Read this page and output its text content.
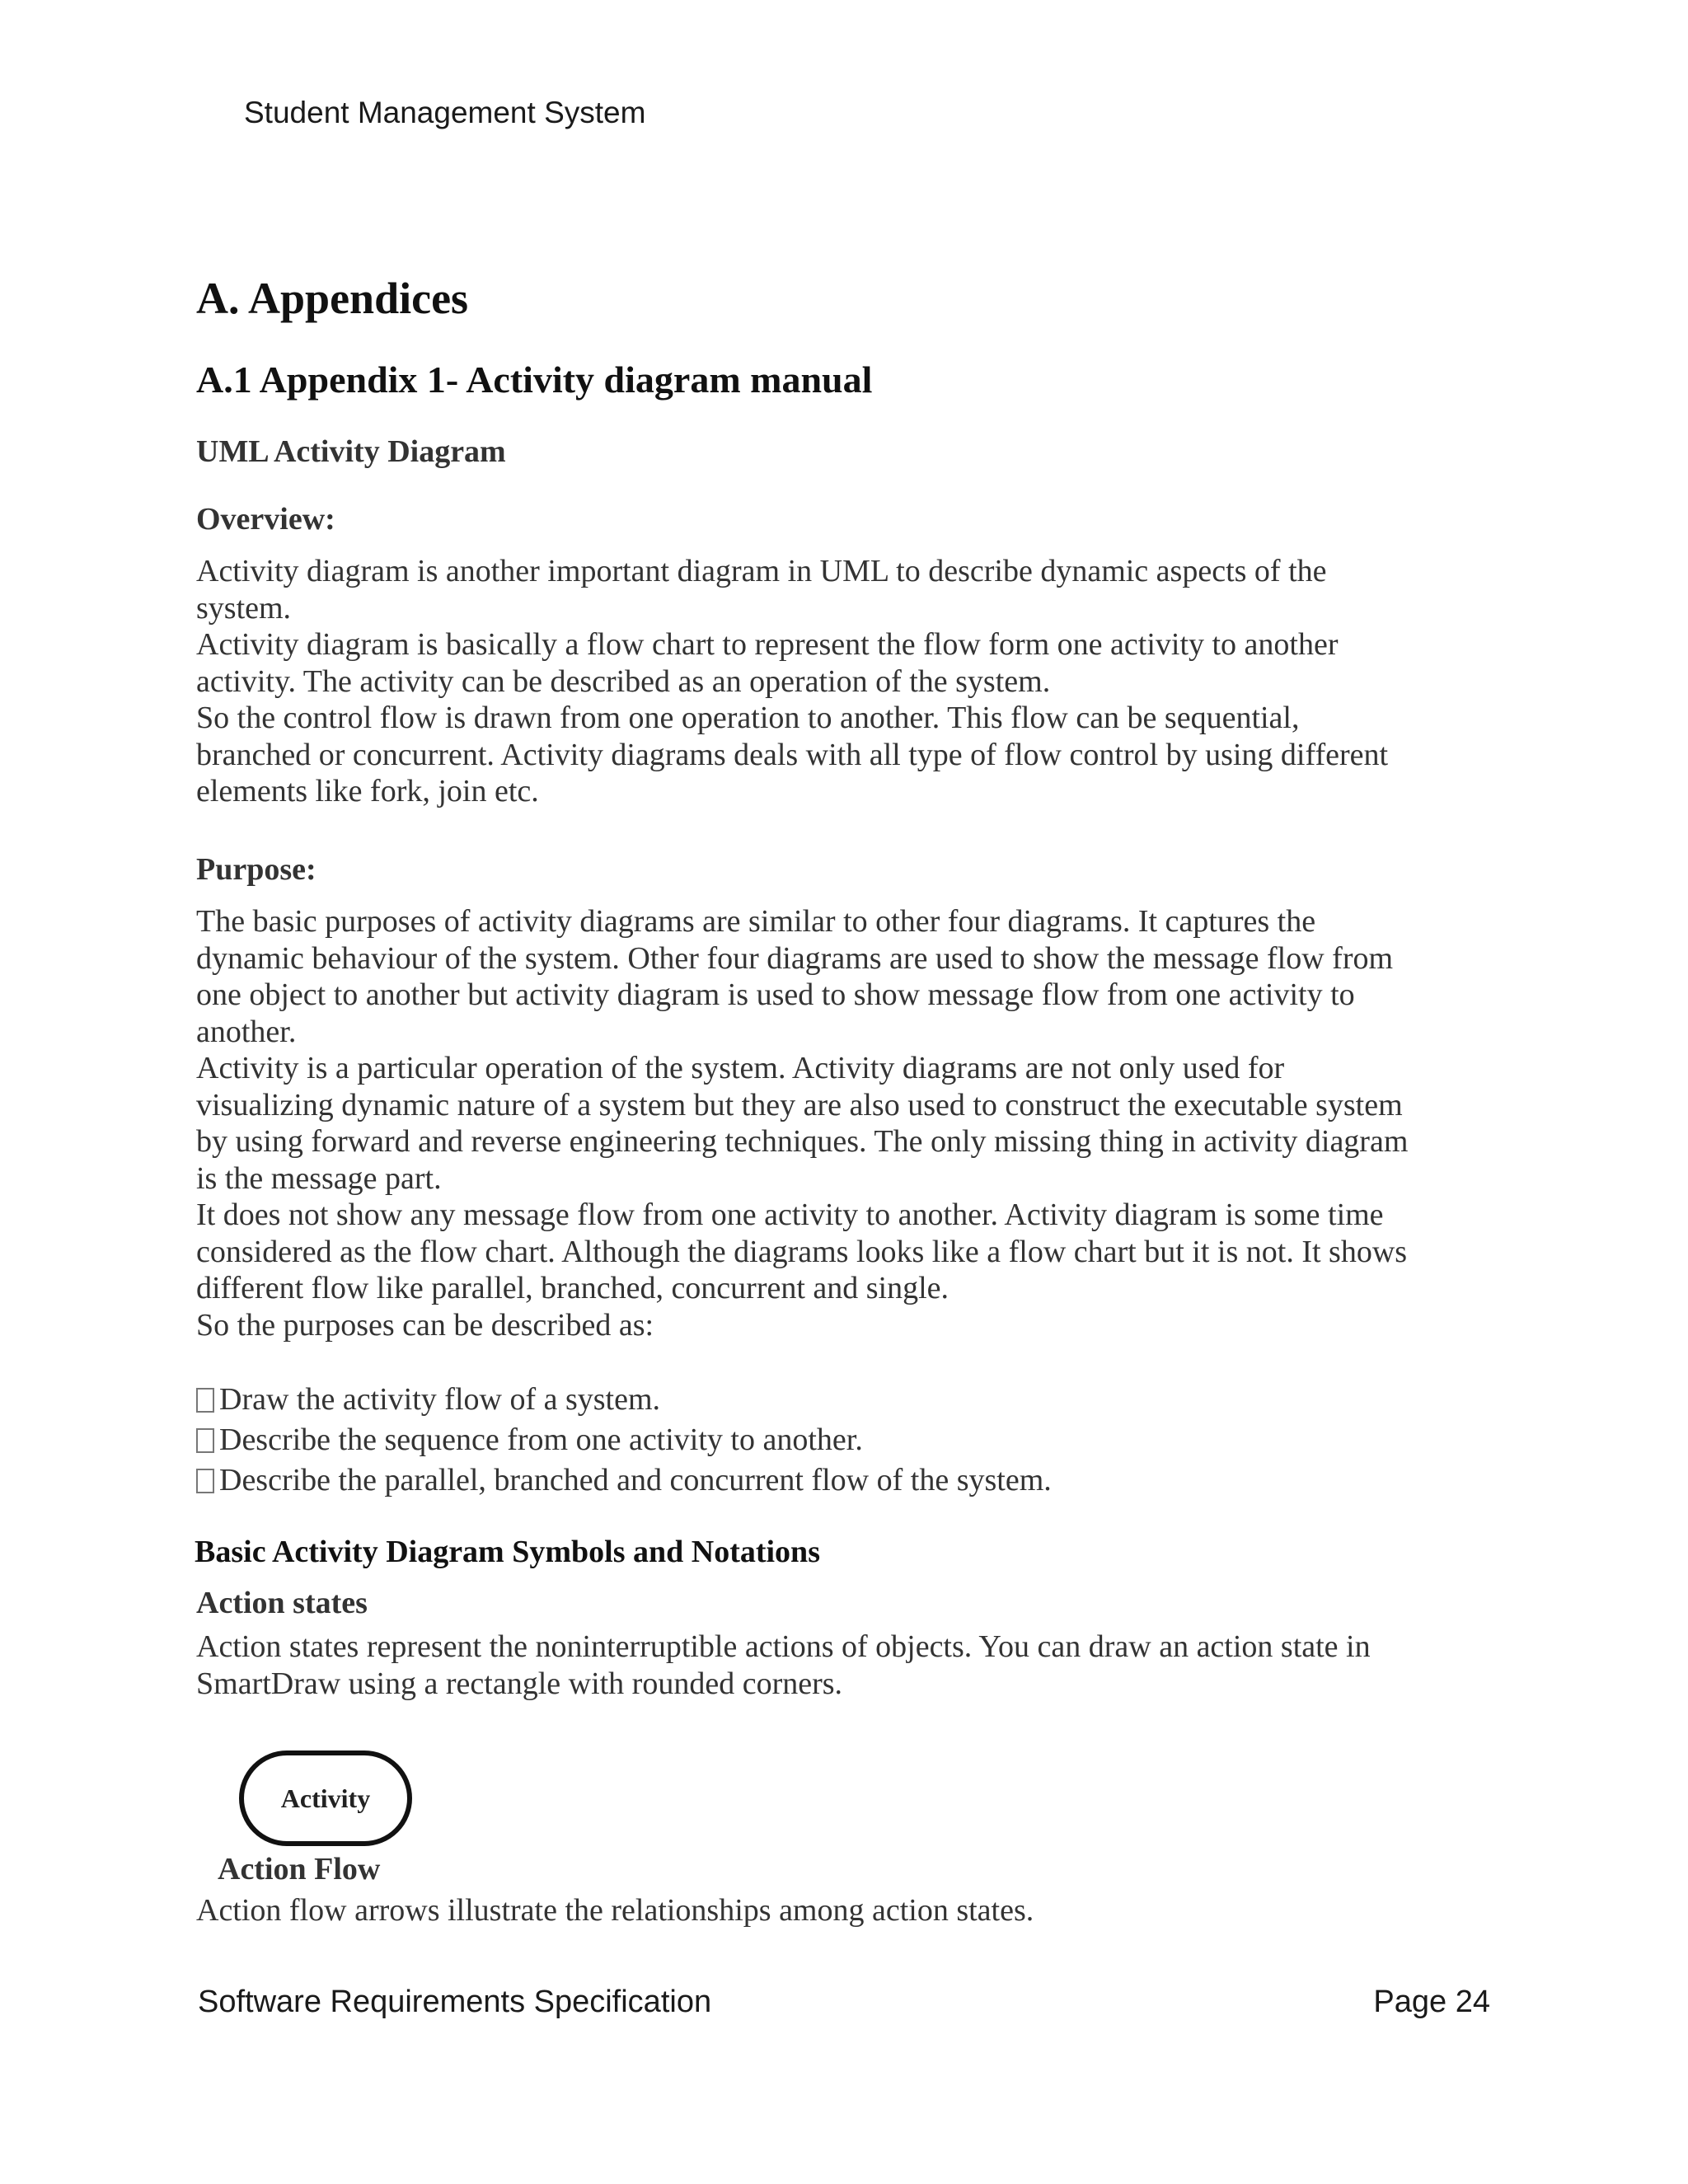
Student Management System
A. Appendices
A.1 Appendix 1- Activity diagram manual
UML Activity Diagram
Overview:

Activity diagram is another important diagram in UML to describe dynamic aspects of the
system.
Activity diagram is basically a flow chart to represent the flow form one activity to another
activity. The activity can be described as an operation of the system.
So the control flow is drawn from one operation to another. This flow can be sequential,
branched or concurrent. Activity diagrams deals with all type of flow control by using different
elements like fork, join etc.

Purpose:

The basic purposes of activity diagrams are similar to other four diagrams. It captures the
dynamic behaviour of the system. Other four diagrams are used to show the message flow from
one object to another but activity diagram is used to show message flow from one activity to
another.
Activity is a particular operation of the system. Activity diagrams are not only used for
visualizing dynamic nature of a system but they are also used to construct the executable system
by using forward and reverse engineering techniques. The only missing thing in activity diagram
is the message part.
It does not show any message flow from one activity to another. Activity diagram is some time
considered as the flow chart. Although the diagrams looks like a flow chart but it is not. It shows
different flow like parallel, branched, concurrent and single.
So the purposes can be described as:

Draw the activity flow of a system.
Describe the sequence from one activity to another.
Describe the parallel, branched and concurrent flow of the system.
Basic Activity Diagram Symbols and Notations
Action states

Action states represent the noninterruptible actions of objects. You can draw an action state in
SmartDraw using a rectangle with rounded corners.

Activity
Action Flow

Action flow arrows illustrate the relationships among action states.

Software Requirements Specification	Page 24
